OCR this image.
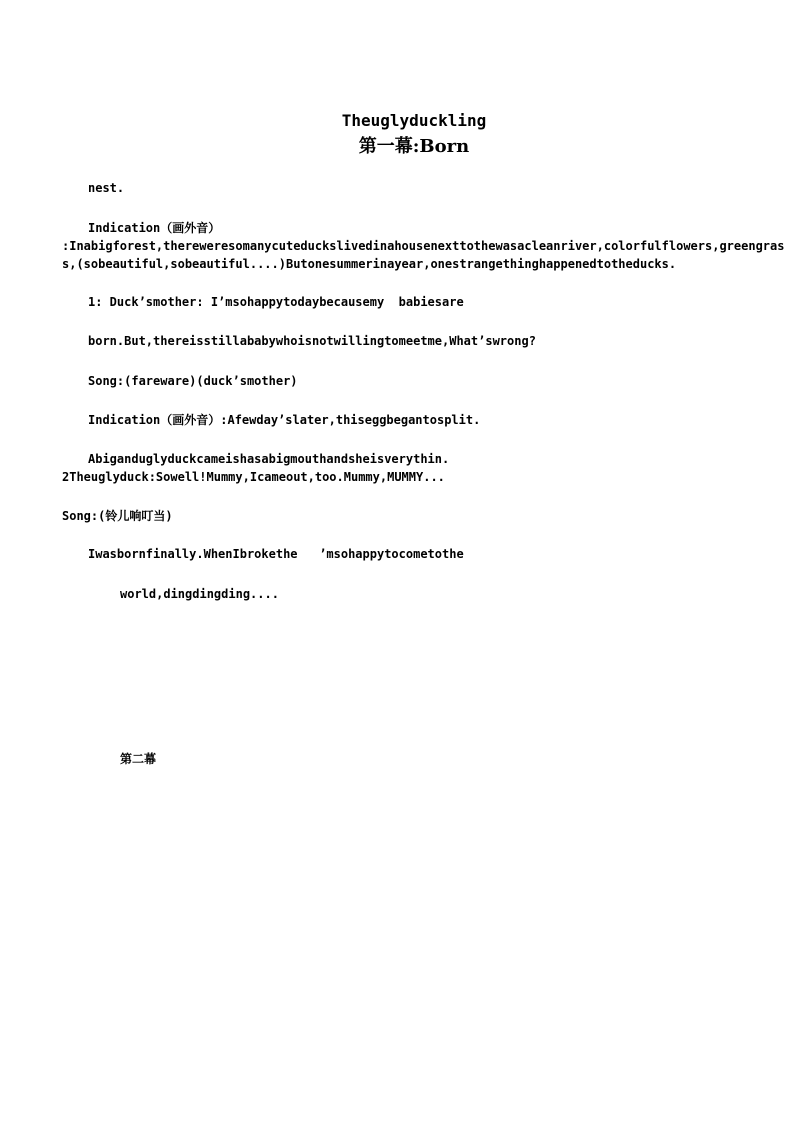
Theuglyduckling
第一幕:Born
nest.
Indication（画外音）
:Inabigforest,thereweresomanycuteduckslivedinahousenexttothewasacleanriver,colorfulflowers,greengras
s,(sobeautiful,sobeautiful....)Butonesummerinayear,onestrangethinghappenedtotheducks.
1: Duck’smother: I’msohappytodaybecausemy  babiesare
born.But,thereisstillababywhoisnotwillingtomeetme,What’swrong?
Song:(fareware)(duck’smother)
Indication（画外音）:Afewday’slater,thiseggbegantosplit.
Abiganduglyduckcameishasabigmouthandsheisverythin.
2Theuglyduck:Sowell!Mummy,Icameout,too.Mummy,MUMMY...
Song:(铃儿响叮当)
Iwasbornfinally.WhenIbrokethe   ’msohappytocometothe
world,dingdingding....
第二幕
